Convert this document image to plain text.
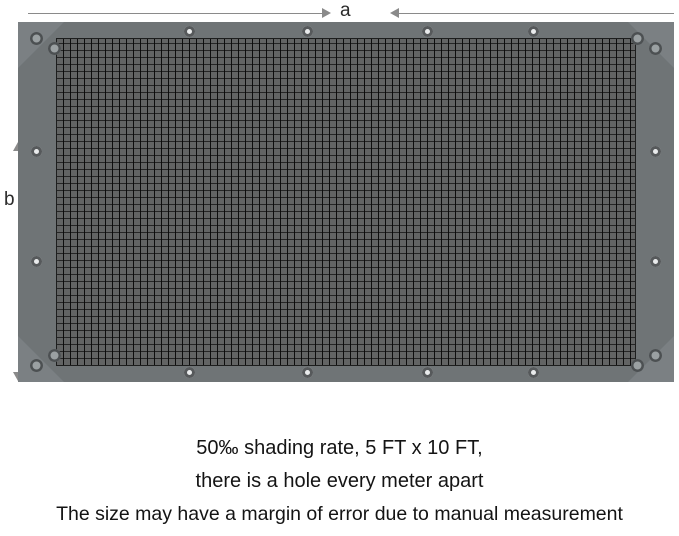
a
b
50‰ shading rate, 5 FT x 10 FT,
there is a hole every meter apart
The size may have a margin of error due to manual measurement
